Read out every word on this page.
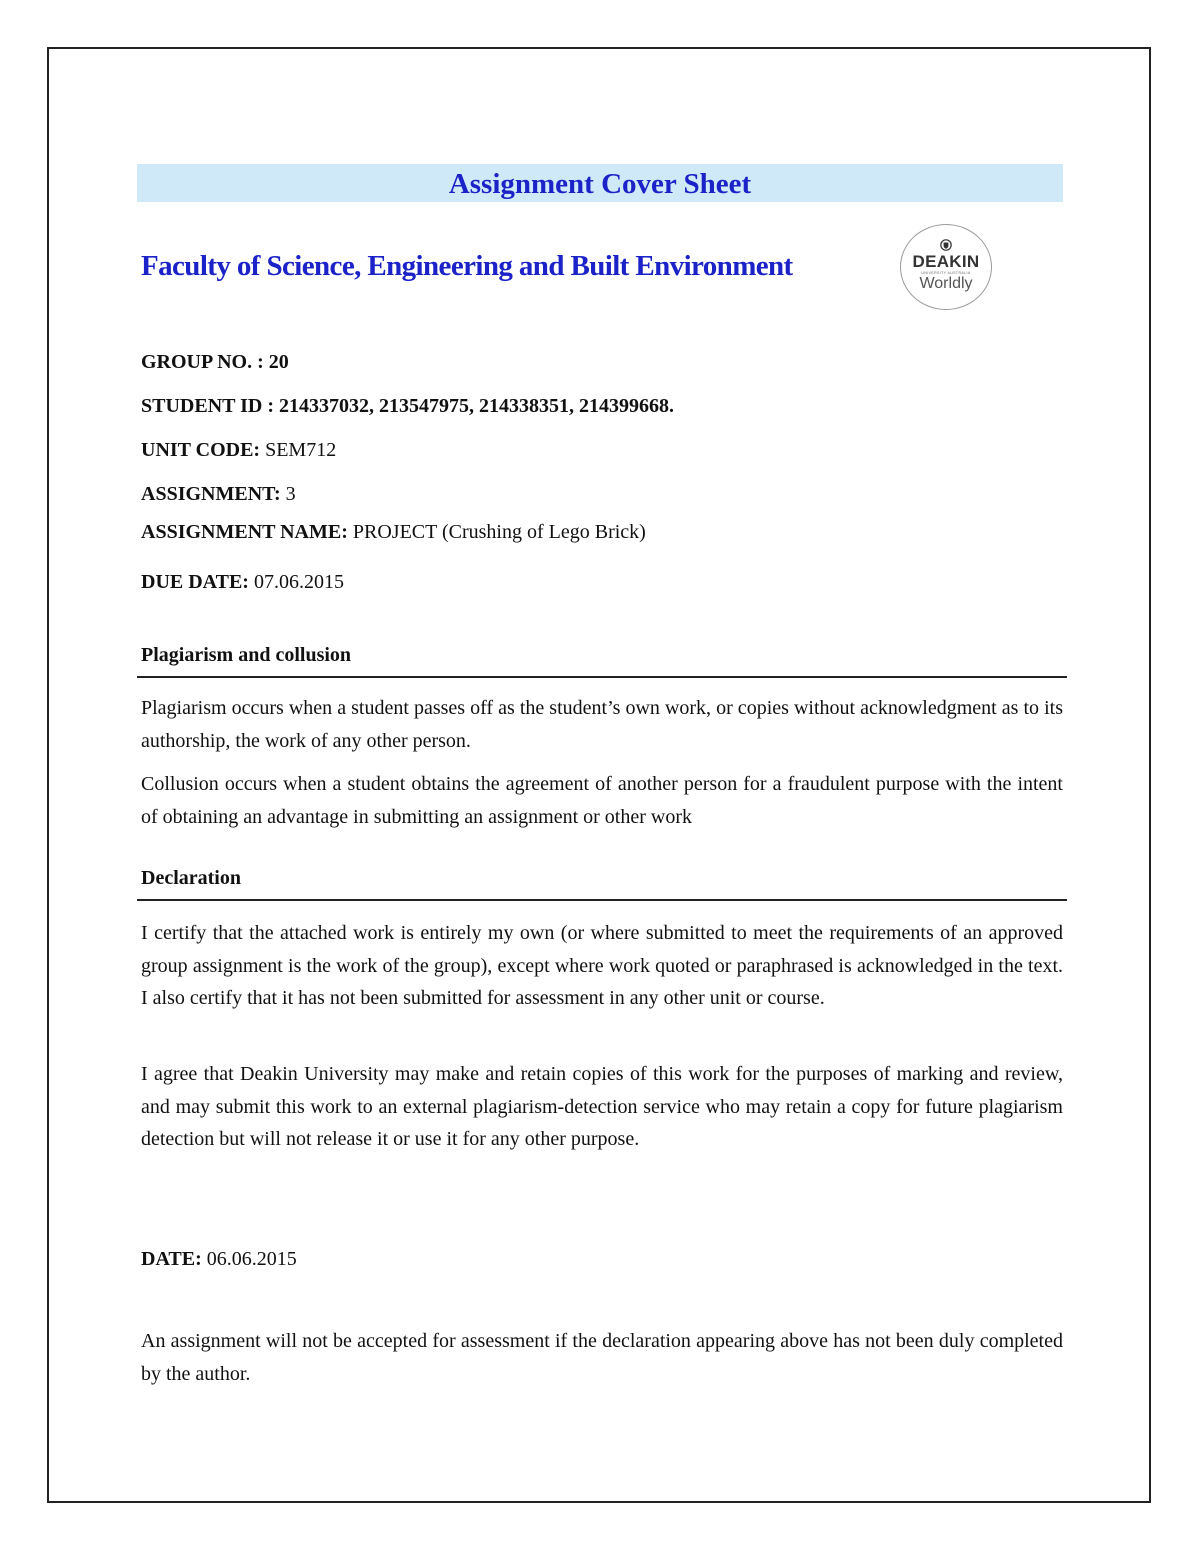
Assignment Cover Sheet
Faculty of Science, Engineering and Built Environment	DEAKIN
UNIVERSITY AUSTRALIA
Worldly
GROUP NO. : 20
STUDENT ID : 214337032, 213547975, 214338351, 214399668.
UNIT CODE: SEM712
ASSIGNMENT: 3
ASSIGNMENT NAME: PROJECT (Crushing of Lego Brick)
DUE DATE: 07.06.2015
Plagiarism and collusion

Plagiarism occurs when a student passes off as the student’s own work, or copies without acknowledgment as to its authorship, the work of any other person.

Collusion occurs when a student obtains the agreement of another person for a fraudulent purpose with the intent of obtaining an advantage in submitting an assignment or other work

Declaration

I certify that the attached work is entirely my own (or where submitted to meet the requirements of an approved group assignment is the work of the group), except where work quoted or paraphrased is acknowledged in the text. I also certify that it has not been submitted for assessment in any other unit or course.

I agree that Deakin University may make and retain copies of this work for the purposes of marking and review, and may submit this work to an external plagiarism-detection service who may retain a copy for future plagiarism detection but will not release it or use it for any other purpose.

DATE: 06.06.2015

An assignment will not be accepted for assessment if the declaration appearing above has not been duly completed by the author.
